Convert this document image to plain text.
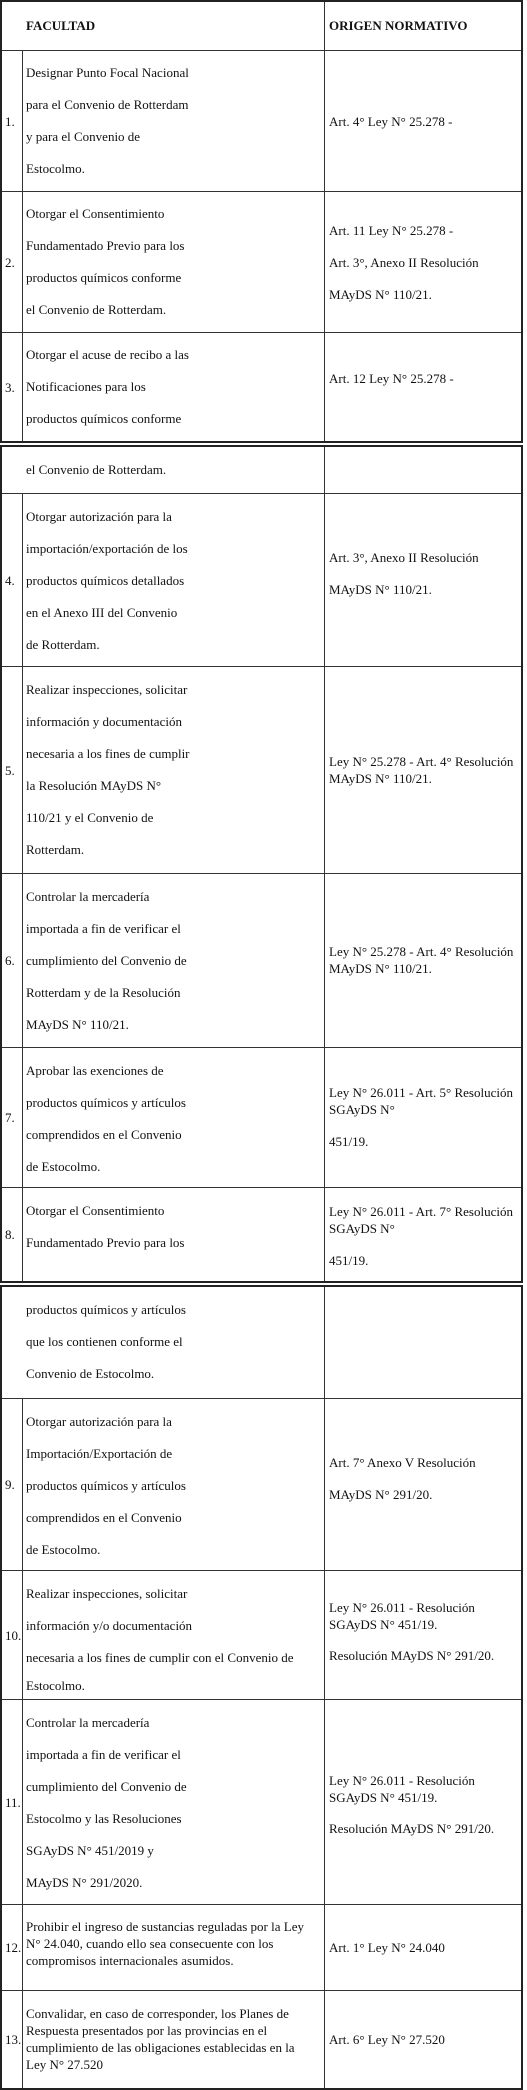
FACULTAD	ORIGEN NORMATIVO
1.
Designar Punto Focal Nacional
para el Convenio de Rotterdam
y para el Convenio de
Estocolmo.
Art. 4° Ley N° 25.278 -
2.
Otorgar el Consentimiento
Fundamentado Previo para los
productos químicos conforme
el Convenio de Rotterdam.
Art. 11 Ley N° 25.278 -
Art. 3°, Anexo II Resolución
MAyDS N° 110/21.
3.
Otorgar el acuse de recibo a las
Notificaciones para los
productos químicos conforme
Art. 12 Ley N° 25.278 -
el Convenio de Rotterdam.
4.
Otorgar autorización para la
importación/exportación de los
productos químicos detallados
en el Anexo III del Convenio
de Rotterdam.
Art. 3°, Anexo II Resolución
MAyDS N° 110/21.
5.
Realizar inspecciones, solicitar
información y documentación
necesaria a los fines de cumplir
la Resolución MAyDS N°
110/21 y el Convenio de
Rotterdam.
Ley N° 25.278 - Art. 4° Resolución
MAyDS N° 110/21.
6.
Controlar la mercadería
importada a fin de verificar el
cumplimiento del Convenio de
Rotterdam y de la Resolución
MAyDS N° 110/21.
Ley N° 25.278 - Art. 4° Resolución
MAyDS N° 110/21.
7.
Aprobar las exenciones de
productos químicos y artículos
comprendidos en el Convenio
de Estocolmo.
Ley N° 26.011 - Art. 5° Resolución
SGAyDS N°
451/19.
8.
Otorgar el Consentimiento
Fundamentado Previo para los
Ley N° 26.011 - Art. 7° Resolución
SGAyDS N°
451/19.
productos químicos y artículos
que los contienen conforme el
Convenio de Estocolmo.
9.
Otorgar autorización para la
Importación/Exportación de
productos químicos y artículos
comprendidos en el Convenio
de Estocolmo.
Art. 7° Anexo V Resolución
MAyDS N° 291/20.
10.
Realizar inspecciones, solicitar
información y/o documentación
necesaria a los fines de cumplir con el Convenio de
Estocolmo.
Ley N° 26.011 - Resolución
SGAyDS N° 451/19.
Resolución MAyDS N° 291/20.
11.
Controlar la mercadería
importada a fin de verificar el
cumplimiento del Convenio de
Estocolmo y las Resoluciones
SGAyDS N° 451/2019 y
MAyDS N° 291/2020.
Ley N° 26.011 - Resolución
SGAyDS N° 451/19.
Resolución MAyDS N° 291/20.
12.
Prohibir el ingreso de sustancias reguladas por la Ley
N° 24.040, cuando ello sea consecuente con los
compromisos internacionales asumidos.
Art. 1° Ley N° 24.040
13.
Convalidar, en caso de corresponder, los Planes de
Respuesta presentados por las provincias en el
cumplimiento de las obligaciones establecidas en la
Ley N° 27.520
Art. 6° Ley N° 27.520
